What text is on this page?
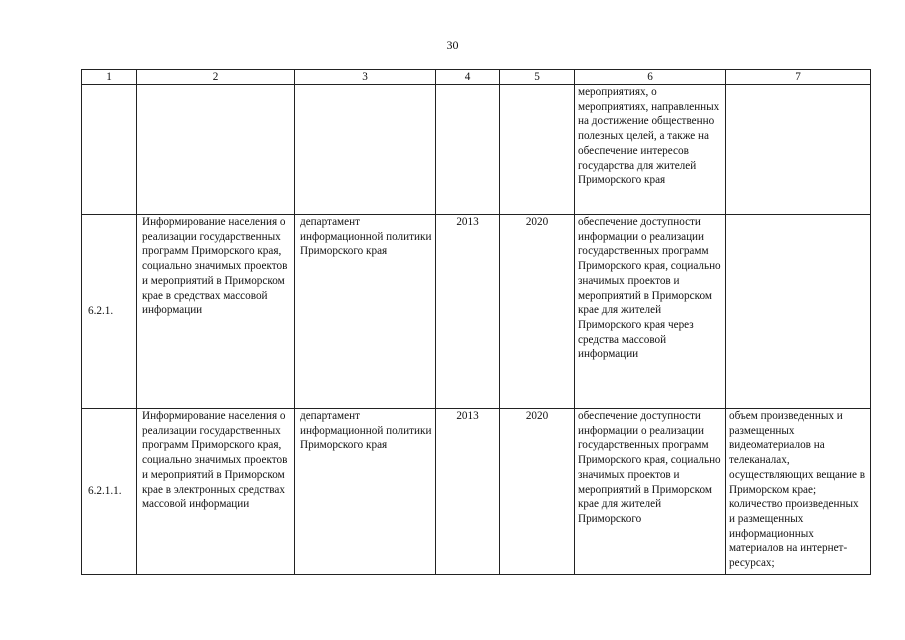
30
1	2	3	4	5	6	7
					мероприятиях, о мероприятиях, направленных на достижение общественно полезных целей, а также на обеспечение интересов государства для жителей Приморского края	
6.2.1.	Информирование населения о реализации государственных программ Приморского края, социально значимых проектов и мероприятий в Приморском крае в средствах массовой информации	департамент информационной политики Приморского края	2013	2020	обеспечение доступности информации о реализации государственных программ Приморского края, социально значимых проектов и мероприятий в Приморском крае для жителей Приморского края через средства массовой информации	
6.2.1.1.	Информирование населения о реализации государственных программ Приморского края, социально значимых проектов и мероприятий в Приморском крае в электронных средствах массовой информации	департамент информационной политики Приморского края	2013	2020	обеспечение доступности информации о реализации государственных программ Приморского края, социально значимых проектов и мероприятий в Приморском крае для жителей Приморского	объем произведенных и размещенных видеоматериалов на телеканалах, осуществляющих вещание в Приморском крае; количество произведенных и размещенных информационных материалов на интернет-ресурсах;
